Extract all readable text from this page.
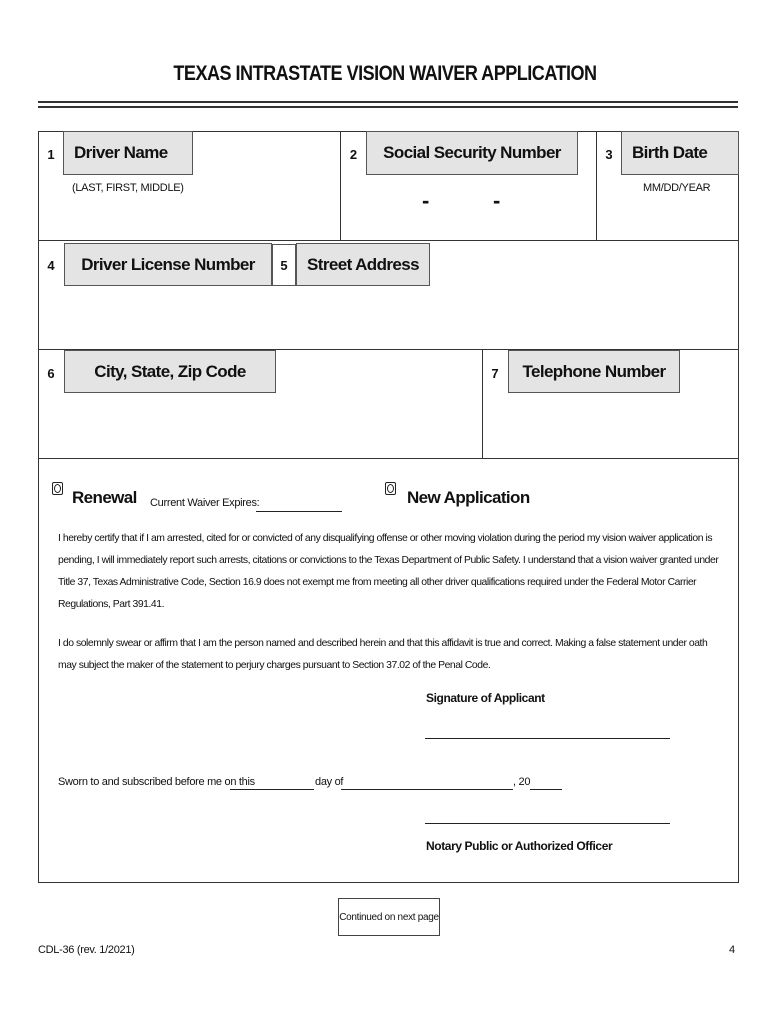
TEXAS INTRASTATE VISION WAIVER APPLICATION
1	Driver Name
(LAST, FIRST, MIDDLE)
2	Social Security Number
-	-
3	Birth Date
MM/DD/YEAR
4	Driver License Number	5	Street Address
6	City, State, Zip Code	7	Telephone Number
Renewal Current Waiver Expires:	New Application
I hereby certify that if I am arrested, cited for or convicted of any disqualifying offense or other moving violation during the period my vision waiver application is pending, I will immediately report such arrests, citations or convictions to the Texas Department of Public Safety. I understand that a vision waiver granted under Title 37, Texas Administrative Code, Section 16.9 does not exempt me from meeting all other driver qualifications required under the Federal Motor Carrier Regulations, Part 391.41.
I do solemnly swear or affirm that I am the person named and described herein and that this affidavit is true and correct. Making a false statement under oath may subject the maker of the statement to perjury charges pursuant to Section 37.02 of the Penal Code.
Signature of Applicant
Sworn to and subscribed before me on this	day of	, 20
Notary Public or Authorized Officer
Continued on next page
CDL-36 (rev. 1/2021)	4
